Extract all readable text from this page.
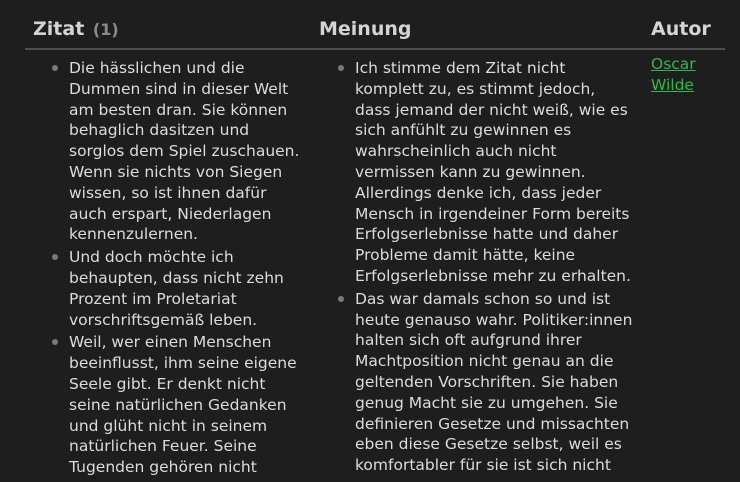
Zitat (1)	Meinung	Autor
Die hässlichen und die Dummen sind in dieser Welt am besten dran. Sie können behaglich dasitzen und sorglos dem Spiel zuschauen. Wenn sie nichts von Siegen wissen, so ist ihnen dafür auch erspart, Niederlagen kennenzulernen.
Und doch möchte ich behaupten, dass nicht zehn Prozent im Proletariat vorschriftsgemäß leben.
Weil, wer einen Menschen beeinflusst, ihm seine eigene Seele gibt. Er denkt nicht seine natürlichen Gedanken und glüht nicht in seinem natürlichen Feuer. Seine Tugenden gehören nicht
Ich stimme dem Zitat nicht komplett zu, es stimmt jedoch, dass jemand der nicht weiß, wie es sich anfühlt zu gewinnen es wahrscheinlich auch nicht vermissen kann zu gewinnen. Allerdings denke ich, dass jeder Mensch in irgendeiner Form bereits Erfolgserlebnisse hatte und daher Probleme damit hätte, keine Erfolgserlebnisse mehr zu erhalten.
Das war damals schon so und ist heute genauso wahr. Politiker:innen halten sich oft aufgrund ihrer Machtposition nicht genau an die geltenden Vorschriften. Sie haben genug Macht sie zu umgehen. Sie definieren Gesetze und missachten eben diese Gesetze selbst, weil es komfortabler für sie ist sich nicht
Oscar Wilde
